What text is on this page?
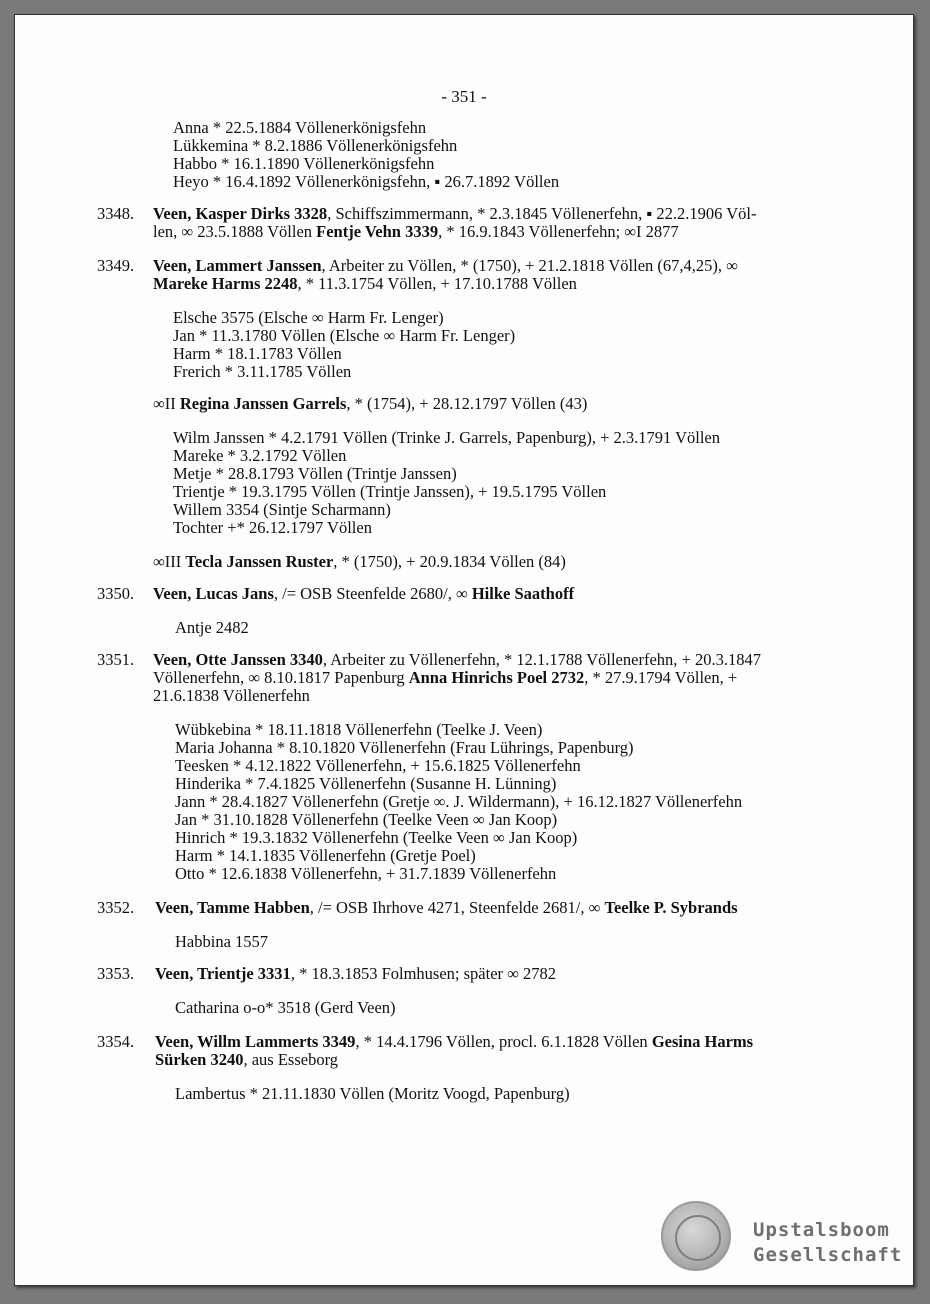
- 351 -
Anna * 22.5.1884 Völlenerkönigsfehn
Lükkemina * 8.2.1886 Völlenerkönigsfehn
Habbo * 16.1.1890 Völlenerkönigsfehn
Heyo * 16.4.1892 Völlenerkönigsfehn, ▪ 26.7.1892 Völlen
3348. Veen, Kasper Dirks 3328, Schiffszimmermann, * 2.3.1845 Völlenerfehn, ▪ 22.2.1906 Völ-
len, ∞ 23.5.1888 Völlen Fentje Vehn 3339, * 16.9.1843 Völlenerfehn; ∞I 2877
3349. Veen, Lammert Janssen, Arbeiter zu Völlen, * (1750), + 21.2.1818 Völlen (67,4,25), ∞
Mareke Harms 2248, * 11.3.1754 Völlen, + 17.10.1788 Völlen
Elsche 3575 (Elsche ∞ Harm Fr. Lenger)
Jan * 11.3.1780 Völlen (Elsche ∞ Harm Fr. Lenger)
Harm * 18.1.1783 Völlen
Frerich * 3.11.1785 Völlen
∞II Regina Janssen Garrels, * (1754), + 28.12.1797 Völlen (43)
Wilm Janssen * 4.2.1791 Völlen (Trinke J. Garrels, Papenburg), + 2.3.1791 Völlen
Mareke * 3.2.1792 Völlen
Metje * 28.8.1793 Völlen (Trintje Janssen)
Trientje * 19.3.1795 Völlen (Trintje Janssen), + 19.5.1795 Völlen
Willem 3354 (Sintje Scharmann)
Tochter +* 26.12.1797 Völlen
∞III Tecla Janssen Ruster, * (1750), + 20.9.1834 Völlen (84)
3350. Veen, Lucas Jans, /= OSB Steenfelde 2680/, ∞ Hilke Saathoff
Antje 2482
3351. Veen, Otte Janssen 3340, Arbeiter zu Völlenerfehn, * 12.1.1788 Völlenerfehn, + 20.3.1847
Völlenerfehn, ∞ 8.10.1817 Papenburg Anna Hinrichs Poel 2732, * 27.9.1794 Völlen, +
21.6.1838 Völlenerfehn
Wübkebina * 18.11.1818 Völlenerfehn (Teelke J. Veen)
Maria Johanna * 8.10.1820 Völlenerfehn (Frau Lührings, Papenburg)
Teesken * 4.12.1822 Völlenerfehn, + 15.6.1825 Völlenerfehn
Hinderika * 7.4.1825 Völlenerfehn (Susanne H. Lünning)
Jann * 28.4.1827 Völlenerfehn (Gretje ∞. J. Wildermann), + 16.12.1827 Völlenerfehn
Jan * 31.10.1828 Völlenerfehn (Teelke Veen ∞ Jan Koop)
Hinrich * 19.3.1832 Völlenerfehn (Teelke Veen ∞ Jan Koop)
Harm * 14.1.1835 Völlenerfehn (Gretje Poel)
Otto * 12.6.1838 Völlenerfehn, + 31.7.1839 Völlenerfehn
3352. Veen, Tamme Habben, /= OSB Ihrhove 4271, Steenfelde 2681/, ∞ Teelke P. Sybrands
Habbina 1557
3353. Veen, Trientje 3331, * 18.3.1853 Folmhusen; später ∞ 2782
Catharina o-o* 3518 (Gerd Veen)
3354. Veen, Willm Lammerts 3349, * 14.4.1796 Völlen, procl. 6.1.1828 Völlen Gesina Harms
Sürken 3240, aus Esseborg
Lambertus * 21.11.1830 Völlen (Moritz Voogd, Papenburg)
Upstalsboom
Gesellschaft
